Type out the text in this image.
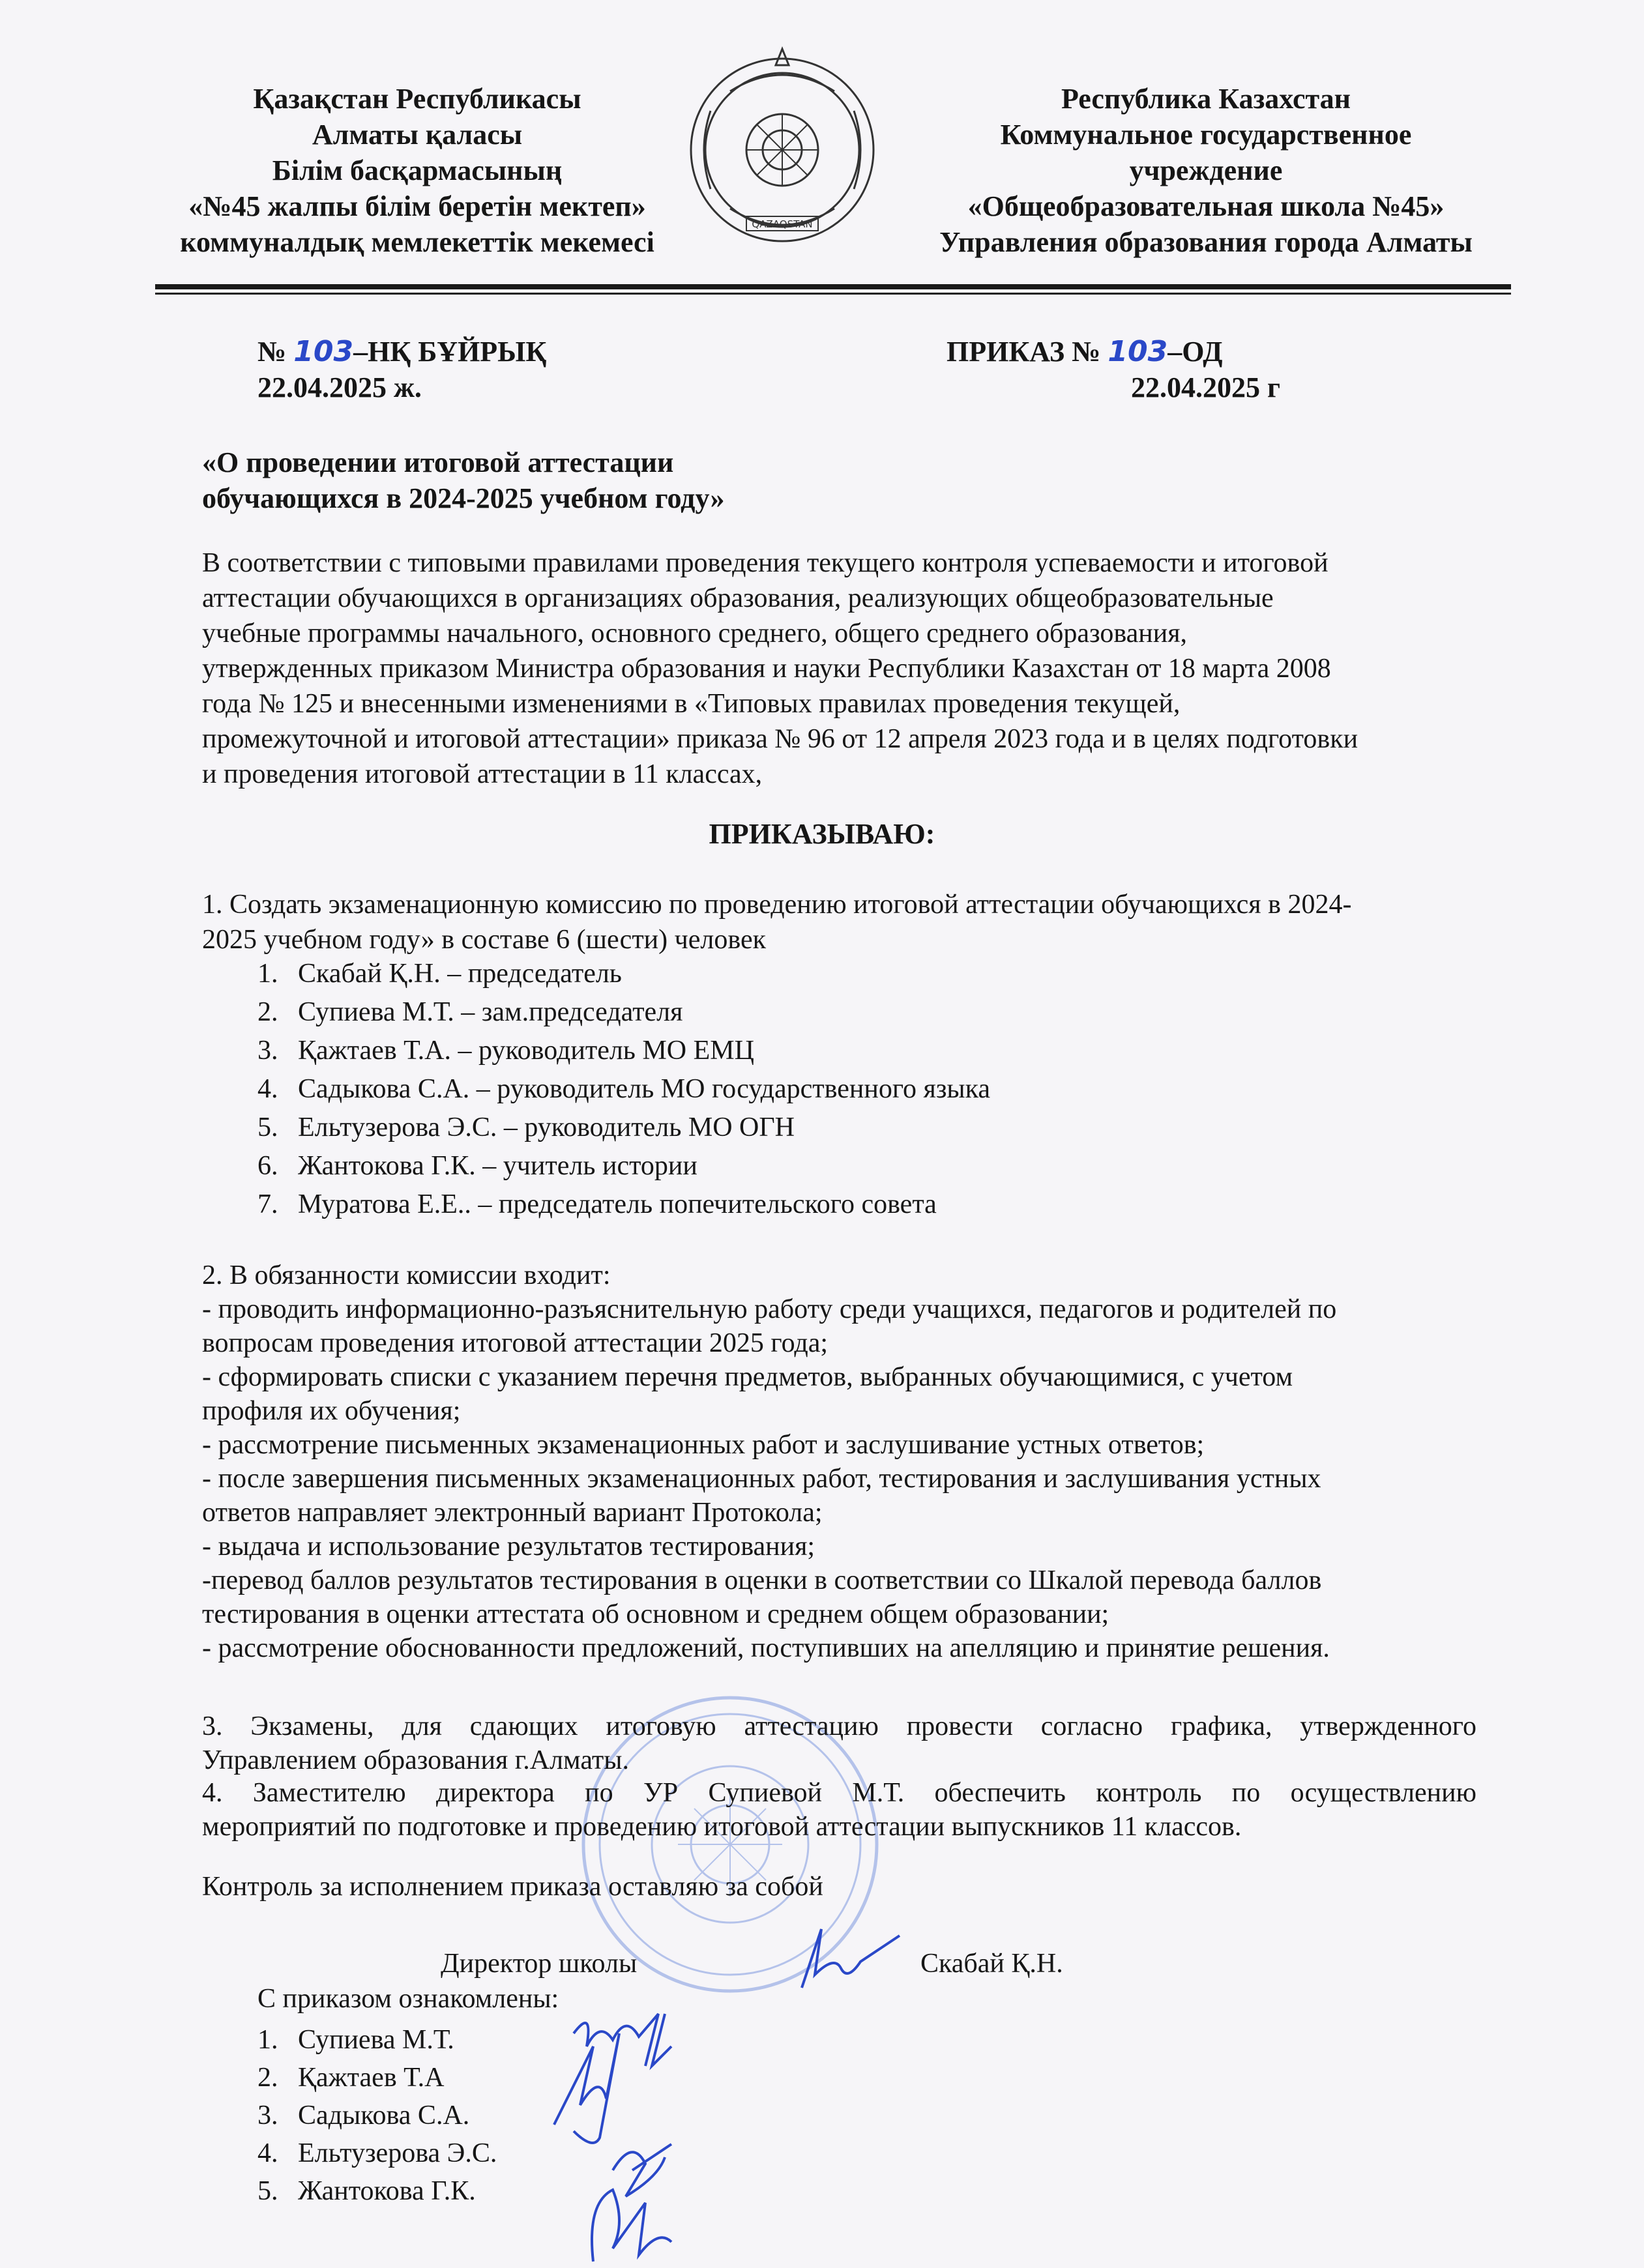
Қазақстан Республикасы
Алматы қаласы
Білім басқармасының
«№45 жалпы білім беретін мектеп»
коммуналдық мемлекеттік мекемесі
Республика Казахстан
Коммунальное государственное
учреждение
«Общеобразовательная школа №45»
Управления образования города Алматы
QAZAQSTAN
№ 103–НҚ БҰЙРЫҚ
22.04.2025 ж.
ПРИКАЗ № 103–ОД
22.04.2025 г
«О проведении итоговой аттестации
обучающихся в 2024-2025 учебном году»
В соответствии с типовыми правилами проведения текущего контроля успеваемости и итоговой
аттестации обучающихся в организациях образования, реализующих общеобразовательные
учебные программы начального, основного среднего, общего среднего образования,
утвержденных приказом Министра образования и науки Республики Казахстан от 18 марта 2008
года № 125 и внесенными изменениями в «Типовых правилах проведения текущей,
промежуточной и итоговой аттестации» приказа № 96 от 12 апреля 2023 года и в целях подготовки
и проведения итоговой аттестации в 11 классах,
ПРИКАЗЫВАЮ:
1. Создать экзаменационную комиссию по проведению итоговой аттестации обучающихся в 2024-
2025 учебном году» в составе 6 (шести) человек
1. Скабай Қ.Н. – председатель
2. Супиева М.Т. – зам.председателя
3. Қажтаев Т.А. – руководитель МО ЕМЦ
4. Садыкова С.А. – руководитель МО государственного языка
5. Ельтузерова Э.С. – руководитель МО ОГН
6. Жантокова Г.К. – учитель истории
7. Муратова Е.Е.. – председатель попечительского совета
2. В обязанности комиссии входит:
- проводить информационно-разъяснительную работу среди учащихся, педагогов и родителей по
вопросам проведения итоговой аттестации 2025 года;
- сформировать списки с указанием перечня предметов, выбранных обучающимися, с учетом
профиля их обучения;
- рассмотрение письменных экзаменационных работ и заслушивание устных ответов;
- после завершения письменных экзаменационных работ, тестирования и заслушивания устных
ответов направляет электронный вариант Протокола;
- выдача и использование результатов тестирования;
-перевод баллов результатов тестирования в оценки в соответствии со Шкалой перевода баллов
тестирования в оценки аттестата об основном и среднем общем образовании;
- рассмотрение обоснованности предложений, поступивших на апелляцию и принятие решения.
3. Экзамены, для сдающих итоговую аттестацию провести согласно графика, утвержденного
Управлением образования г.Алматы.
4. Заместителю директора по УР Супиевой М.Т. обеспечить контроль по осуществлению
мероприятий по подготовке и проведению итоговой аттестации выпускников 11 классов.
Контроль за исполнением приказа оставляю за собой
Директор школы	Скабай Қ.Н.
С приказом ознакомлены:
1. Супиева М.Т.
2. Қажтаев Т.А
3. Садыкова С.А.
4. Ельтузерова Э.С.
5. Жантокова Г.К.
